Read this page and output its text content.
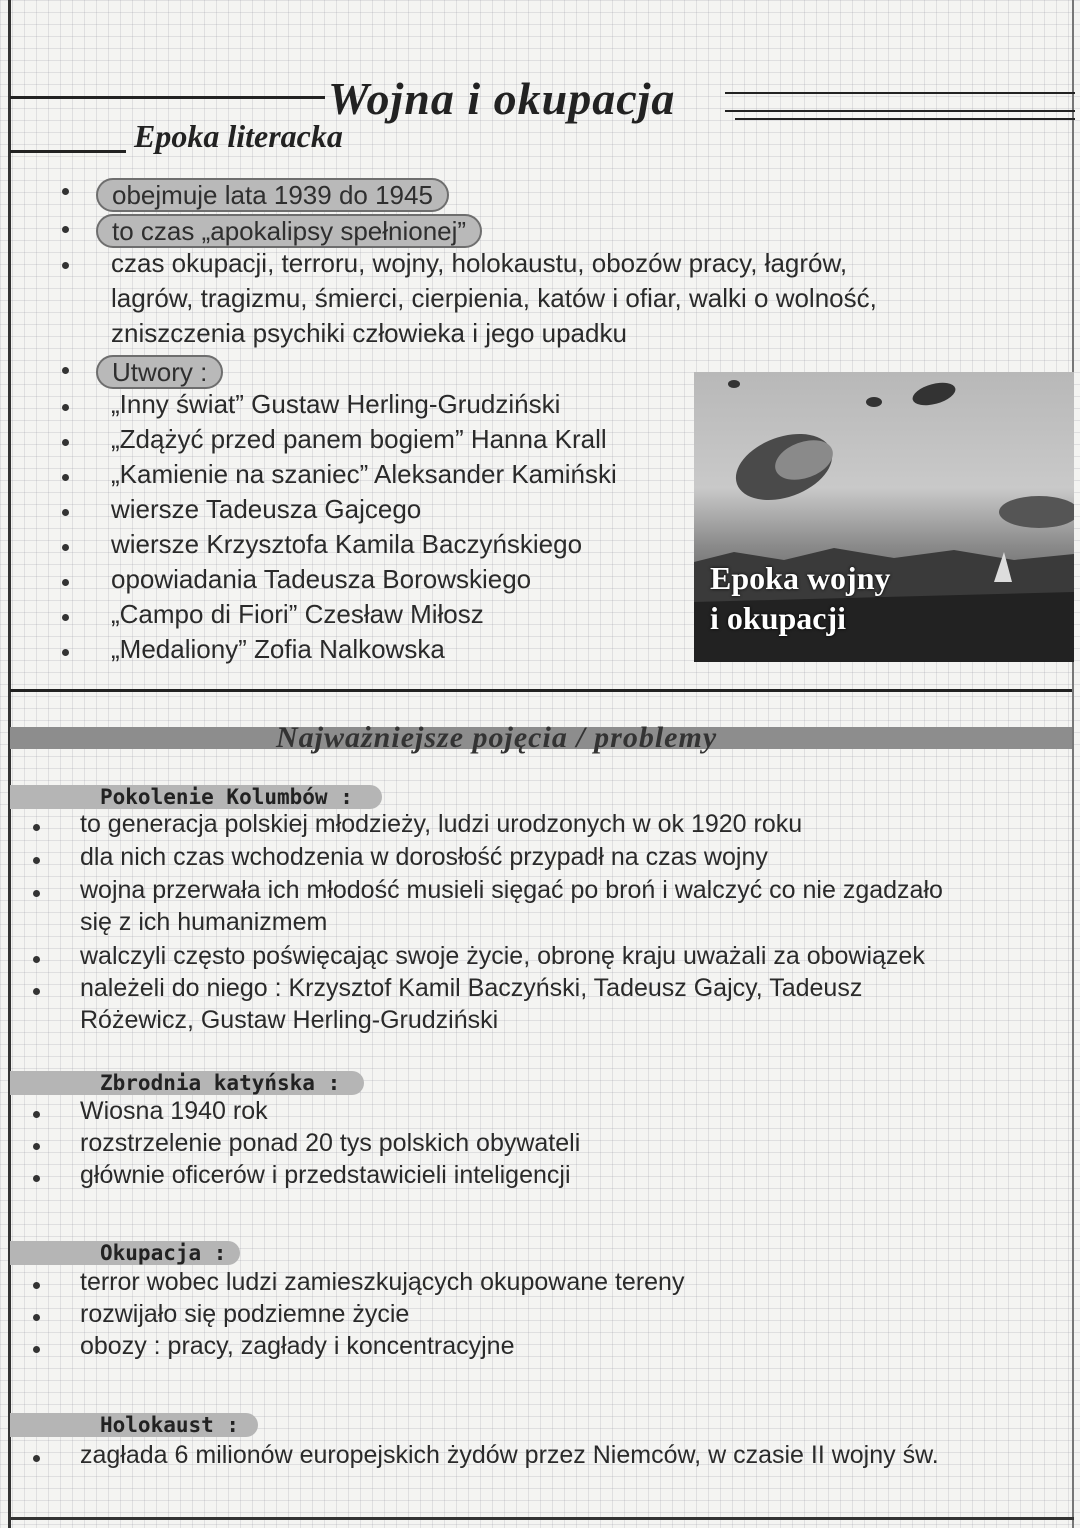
Wojna i okupacja
Epoka literacka
obejmuje lata 1939 do 1945
to czas „apokalipsy spełnionej”
czas okupacji, terroru, wojny, holokaustu, obozów pracy, łagrów,
lagrów, tragizmu, śmierci, cierpienia, katów i ofiar, walki o wolność,
zniszczenia psychiki człowieka i jego upadku
Utwory :
„Inny świat” Gustaw Herling-Grudziński
„Zdążyć przed panem bogiem” Hanna Krall
„Kamienie na szaniec” Aleksander Kamiński
wiersze Tadeusza Gajcego
wiersze Krzysztofa Kamila Baczyńskiego
opowiadania Tadeusza Borowskiego
„Campo di Fiori” Czesław Miłosz
„Medaliony” Zofia Nalkowska
Epoka wojny
i okupacji
Najważniejsze pojęcia / problemy
Pokolenie Kolumbów :
to generacja polskiej młodzieży, ludzi urodzonych w ok 1920 roku
dla nich czas wchodzenia w dorosłość przypadł na czas wojny
wojna przerwała ich młodość musieli sięgać po broń i walczyć co nie zgadzało
się z ich humanizmem
walczyli często poświęcając swoje życie, obronę kraju uważali za obowiązek
należeli do niego : Krzysztof Kamil Baczyński, Tadeusz Gajcy, Tadeusz
Różewicz, Gustaw Herling-Grudziński
Zbrodnia katyńska :
Wiosna 1940 rok
rozstrzelenie ponad 20 tys polskich obywateli
głównie oficerów i przedstawicieli inteligencji
Okupacja :
terror wobec ludzi zamieszkujących okupowane tereny
rozwijało się podziemne życie
obozy : pracy, zagłady i koncentracyjne
Holokaust :
zagłada 6 milionów europejskich żydów przez Niemców, w czasie II wojny św.
